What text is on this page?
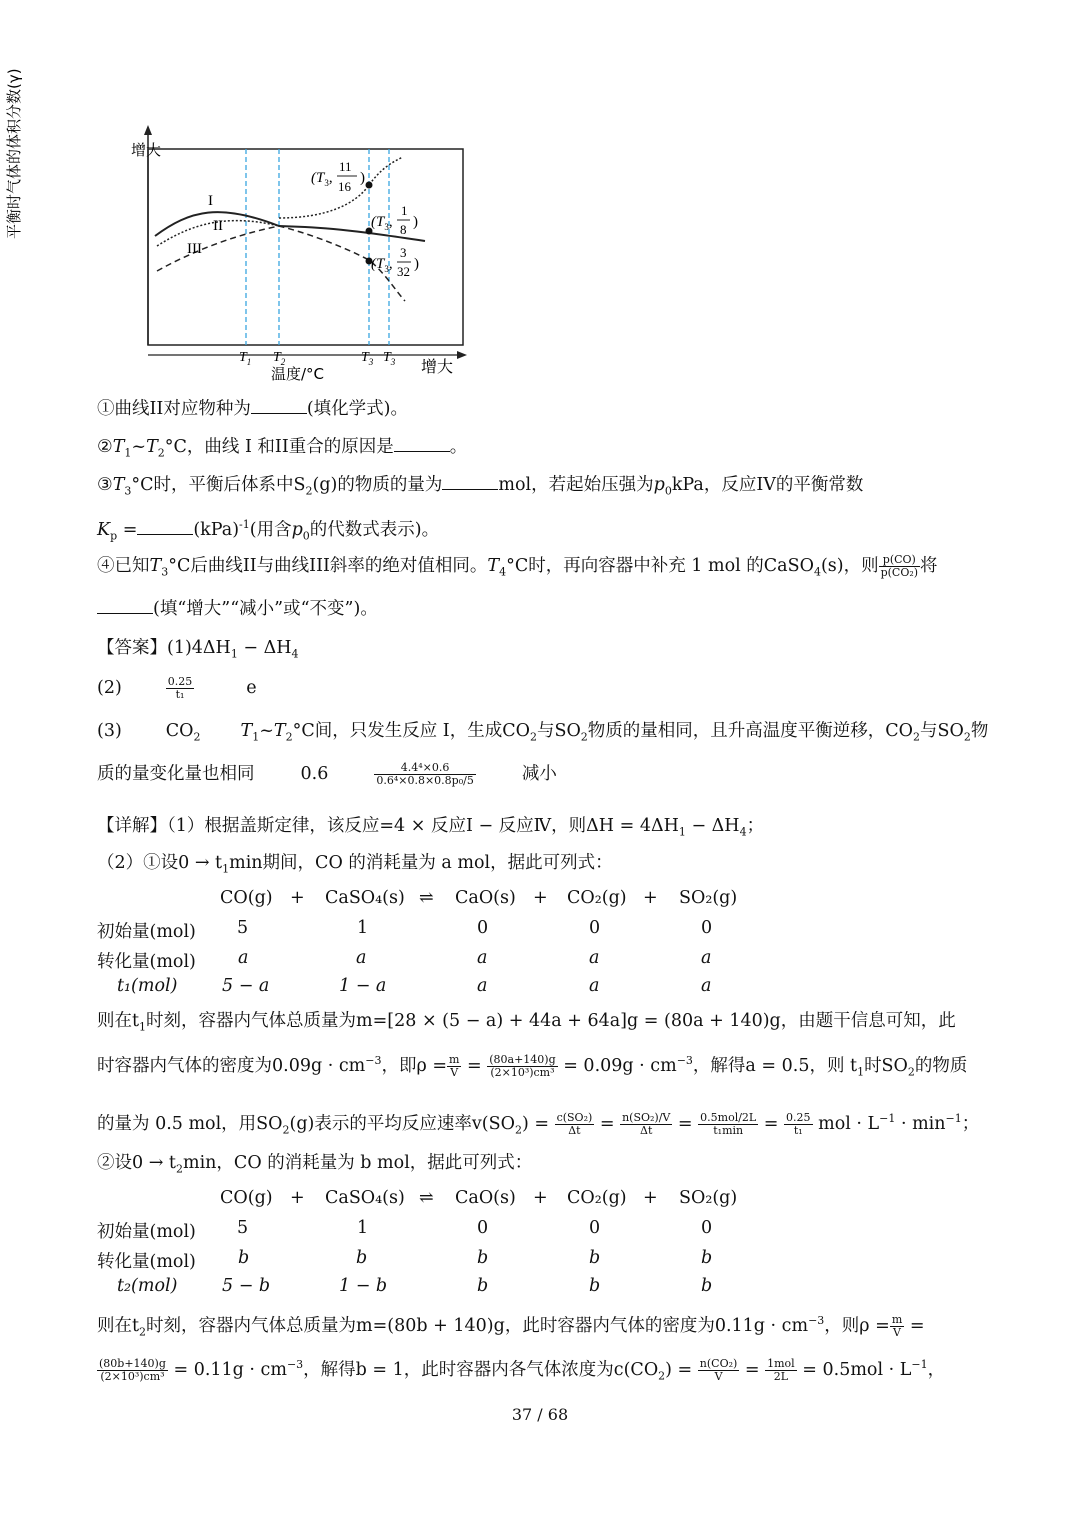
I
II
III
增大
平衡时气体的体积分数(γ)
增大
温度/°C
$T_1$ $T_2$	$T_3$ $T_3$
($T_3$,
11
16
)
($T_3$,
1
8 )
($T_3$,
3
32 )
①曲线II对应物种为	(填化学式)。
$②T_1\sim T_2^\circ C$，曲线 I 和II重合的原因是	。
$③T_3^\circ C$时，平衡后体系中$S_2(g)$的物质的量为	mol，若起始压强为$p_0kPa$，反应IV的平衡常数
$K_p$ =	(kPa)$^{-1}$(用含$p_0$的代数式表示)。
④已知$T_3^\circ C$后曲线II与曲线III斜率的绝对值相同。$T_4^\circ C$时，再向容器中补充 1 mol 的CaSO$_4$(s)，则 $\frac{p(CO)}{\text{p(CO₂)}}$ 将
(填“增大”“减小”或“不变”)。
【答案】$(1)4\Delta H_1 - \Delta H_4$
(2)	$\frac{0.25}{\text{t₁}}$	e
(3)	$CO_2$ $T_1\sim T_2^\circ C$间，只发生反应 I，生成$CO_2$与$SO_2$物质的量相同，且升高温度平衡逆移，$CO_2$与$SO_2$物
质的量变化量也相同	0.6	$\frac{\text{4.4⁴×0.6}}{\text{0.6⁴×0.8×0.8p₀/5}}$	减小
【详解】（1）根据盖斯定律，该反应=4 × 反应Ⅰ − 反应Ⅳ，则$\Delta H = 4\Delta H_1 - \Delta H_4$；
（2）①设$0 \to t_1\min$期间，CO 的消耗量为 a mol，据此可列式：
CO(g) + CaSO₄(s) ⇌ CaO(s) + CO₂(g) + SO₂(g)
初始量(mol) 5	1	0	0	0
转化量(mol) a	a	a	a	a
t₁(mol)	5 − a	1 − a	a	a	a
则在$t_1$时刻，容器内气体总质量为m=[28 × (5 − a) + 44a + 64a]g = (80a + 140)g，由题干信息可知，此
时容器内气体的密度为$0.09g \cdot cm^{-3}$，即$\rho = \frac{m}{V} = \frac{(80a+140)g}{\text{(2×10³)cm³}} = 0.09g \cdot cm^{-3}$，解得a = 0.5，则 $t_1$时$SO_2$的物质
的量为 0.5 mol，用$SO_2(g)$表示的平均反应速率$v(SO_2) = \frac{\text{c(SO₂)}}{\Delta t} = \frac{\text{n(SO₂)/V}}{\Delta t} = \frac{\text{0.5mol/2L}}{\text{t₁min}} = \frac{0.25}{\text{t₁}}$ mol · $L^{-1} \cdot \min^{-1}$；
②设$0 \to t_2\min$，CO 的消耗量为 b mol，据此可列式：
CO(g) + CaSO₄(s) ⇌ CaO(s) + CO₂(g) + SO₂(g)
初始量(mol) 5	1	0	0	0
转化量(mol) b	b	b	b	b
t₂(mol)	5 − b	1 − b	b	b	b
则在$t_2$时刻，容器内气体总质量为m=(80b + 140)g，此时容器内气体的密度为$0.11g \cdot cm^{-3}$，则$\rho = \frac{m}{V}$ =
$\frac{(80b+140)g}{\text{(2×10³)cm³}} = 0.11g \cdot cm^{-3}$，解得b = 1，此时容器内各气体浓度为$c(CO_2) = \frac{\text{n(CO₂)}}{V} = \frac{\text{1mol}}{2L} = 0.5mol \cdot L^{-1}$，
37 / 68
